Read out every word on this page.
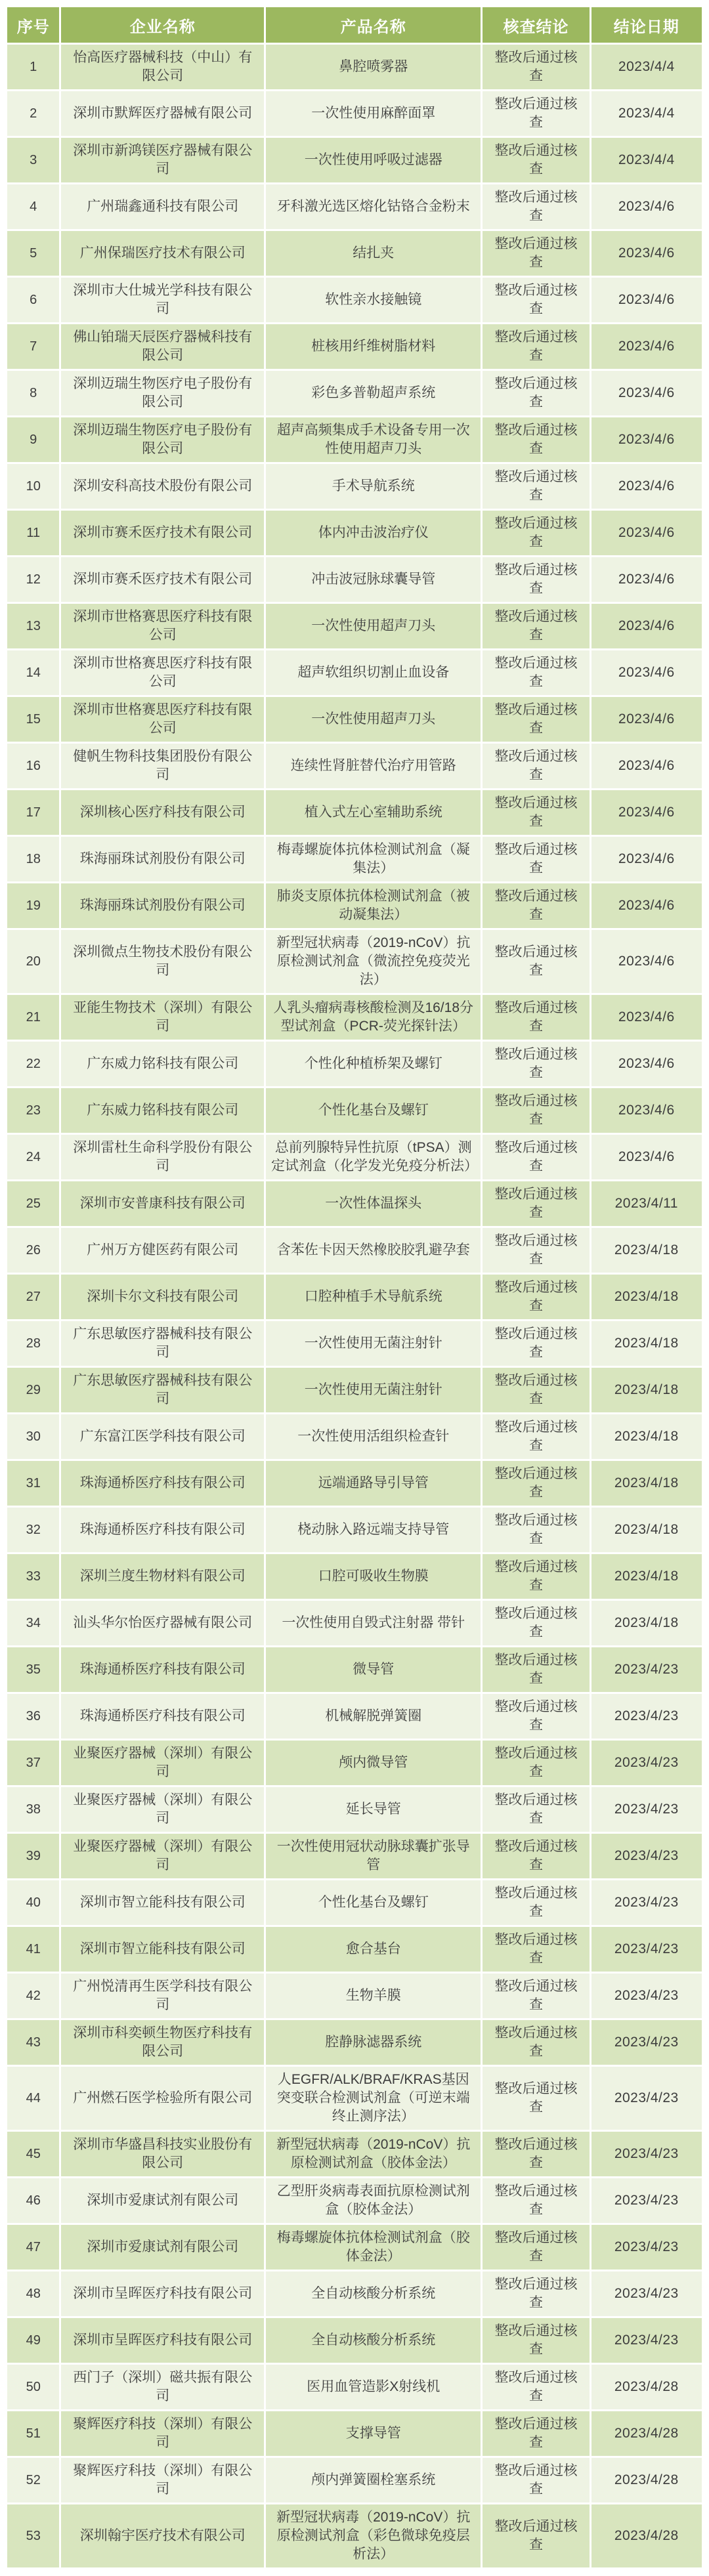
序号	企业名称	产品名称	核查结论	结论日期
1	怡高医疗器械科技（中山）有限公司	鼻腔喷雾器	整改后通过核查	2023/4/4
2	深圳市默辉医疗器械有限公司	一次性使用麻醉面罩	整改后通过核查	2023/4/4
3	深圳市新鸿镁医疗器械有限公司	一次性使用呼吸过滤器	整改后通过核查	2023/4/4
4	广州瑞鑫通科技有限公司	牙科激光选区熔化钴铬合金粉末	整改后通过核查	2023/4/6
5	广州保瑞医疗技术有限公司	结扎夹	整改后通过核查	2023/4/6
6	深圳市大仕城光学科技有限公司	软性亲水接触镜	整改后通过核查	2023/4/6
7	佛山铂瑞天辰医疗器械科技有限公司	桩核用纤维树脂材料	整改后通过核查	2023/4/6
8	深圳迈瑞生物医疗电子股份有限公司	彩色多普勒超声系统	整改后通过核查	2023/4/6
9	深圳迈瑞生物医疗电子股份有限公司	超声高频集成手术设备专用一次性使用超声刀头	整改后通过核查	2023/4/6
10	深圳安科高技术股份有限公司	手术导航系统	整改后通过核查	2023/4/6
11	深圳市赛禾医疗技术有限公司	体内冲击波治疗仪	整改后通过核查	2023/4/6
12	深圳市赛禾医疗技术有限公司	冲击波冠脉球囊导管	整改后通过核查	2023/4/6
13	深圳市世格赛思医疗科技有限公司	一次性使用超声刀头	整改后通过核查	2023/4/6
14	深圳市世格赛思医疗科技有限公司	超声软组织切割止血设备	整改后通过核查	2023/4/6
15	深圳市世格赛思医疗科技有限公司	一次性使用超声刀头	整改后通过核查	2023/4/6
16	健帆生物科技集团股份有限公司	连续性肾脏替代治疗用管路	整改后通过核查	2023/4/6
17	深圳核心医疗科技有限公司	植入式左心室辅助系统	整改后通过核查	2023/4/6
18	珠海丽珠试剂股份有限公司	梅毒螺旋体抗体检测试剂盒（凝集法）	整改后通过核查	2023/4/6
19	珠海丽珠试剂股份有限公司	肺炎支原体抗体检测试剂盒（被动凝集法）	整改后通过核查	2023/4/6
20	深圳微点生物技术股份有限公司	新型冠状病毒（2019-nCoV）抗原检测试剂盒（微流控免疫荧光法）	整改后通过核查	2023/4/6
21	亚能生物技术（深圳）有限公司	人乳头瘤病毒核酸检测及16/18分型试剂盒（PCR-荧光探针法）	整改后通过核查	2023/4/6
22	广东威力铭科技有限公司	个性化种植桥架及螺钉	整改后通过核查	2023/4/6
23	广东威力铭科技有限公司	个性化基台及螺钉	整改后通过核查	2023/4/6
24	深圳雷杜生命科学股份有限公司	总前列腺特异性抗原（tPSA）测定试剂盒（化学发光免疫分析法）	整改后通过核查	2023/4/6
25	深圳市安普康科技有限公司	一次性体温探头	整改后通过核查	2023/4/11
26	广州万方健医药有限公司	含苯佐卡因天然橡胶胶乳避孕套	整改后通过核查	2023/4/18
27	深圳卡尔文科技有限公司	口腔种植手术导航系统	整改后通过核查	2023/4/18
28	广东思敏医疗器械科技有限公司	一次性使用无菌注射针	整改后通过核查	2023/4/18
29	广东思敏医疗器械科技有限公司	一次性使用无菌注射针	整改后通过核查	2023/4/18
30	广东富江医学科技有限公司	一次性使用活组织检查针	整改后通过核查	2023/4/18
31	珠海通桥医疗科技有限公司	远端通路导引导管	整改后通过核查	2023/4/18
32	珠海通桥医疗科技有限公司	桡动脉入路远端支持导管	整改后通过核查	2023/4/18
33	深圳兰度生物材料有限公司	口腔可吸收生物膜	整改后通过核查	2023/4/18
34	汕头华尔怡医疗器械有限公司	一次性使用自毁式注射器 带针	整改后通过核查	2023/4/18
35	珠海通桥医疗科技有限公司	微导管	整改后通过核查	2023/4/23
36	珠海通桥医疗科技有限公司	机械解脱弹簧圈	整改后通过核查	2023/4/23
37	业聚医疗器械（深圳）有限公司	颅内微导管	整改后通过核查	2023/4/23
38	业聚医疗器械（深圳）有限公司	延长导管	整改后通过核查	2023/4/23
39	业聚医疗器械（深圳）有限公司	一次性使用冠状动脉球囊扩张导管	整改后通过核查	2023/4/23
40	深圳市智立能科技有限公司	个性化基台及螺钉	整改后通过核查	2023/4/23
41	深圳市智立能科技有限公司	愈合基台	整改后通过核查	2023/4/23
42	广州悦清再生医学科技有限公司	生物羊膜	整改后通过核查	2023/4/23
43	深圳市科奕顿生物医疗科技有限公司	腔静脉滤器系统	整改后通过核查	2023/4/23
44	广州燃石医学检验所有限公司	人EGFR/ALK/BRAF/KRAS基因突变联合检测试剂盒（可逆末端终止测序法）	整改后通过核查	2023/4/23
45	深圳市华盛昌科技实业股份有限公司	新型冠状病毒（2019-nCoV）抗原检测试剂盒（胶体金法）	整改后通过核查	2023/4/23
46	深圳市爱康试剂有限公司	乙型肝炎病毒表面抗原检测试剂盒（胶体金法）	整改后通过核查	2023/4/23
47	深圳市爱康试剂有限公司	梅毒螺旋体抗体检测试剂盒（胶体金法）	整改后通过核查	2023/4/23
48	深圳市呈晖医疗科技有限公司	全自动核酸分析系统	整改后通过核查	2023/4/23
49	深圳市呈晖医疗科技有限公司	全自动核酸分析系统	整改后通过核查	2023/4/23
50	西门子（深圳）磁共振有限公司	医用血管造影X射线机	整改后通过核查	2023/4/28
51	聚辉医疗科技（深圳）有限公司	支撑导管	整改后通过核查	2023/4/28
52	聚辉医疗科技（深圳）有限公司	颅内弹簧圈栓塞系统	整改后通过核查	2023/4/28
53	深圳翰宇医疗技术有限公司	新型冠状病毒（2019-nCoV）抗原检测试剂盒（彩色微球免疫层析法）	整改后通过核查	2023/4/28
